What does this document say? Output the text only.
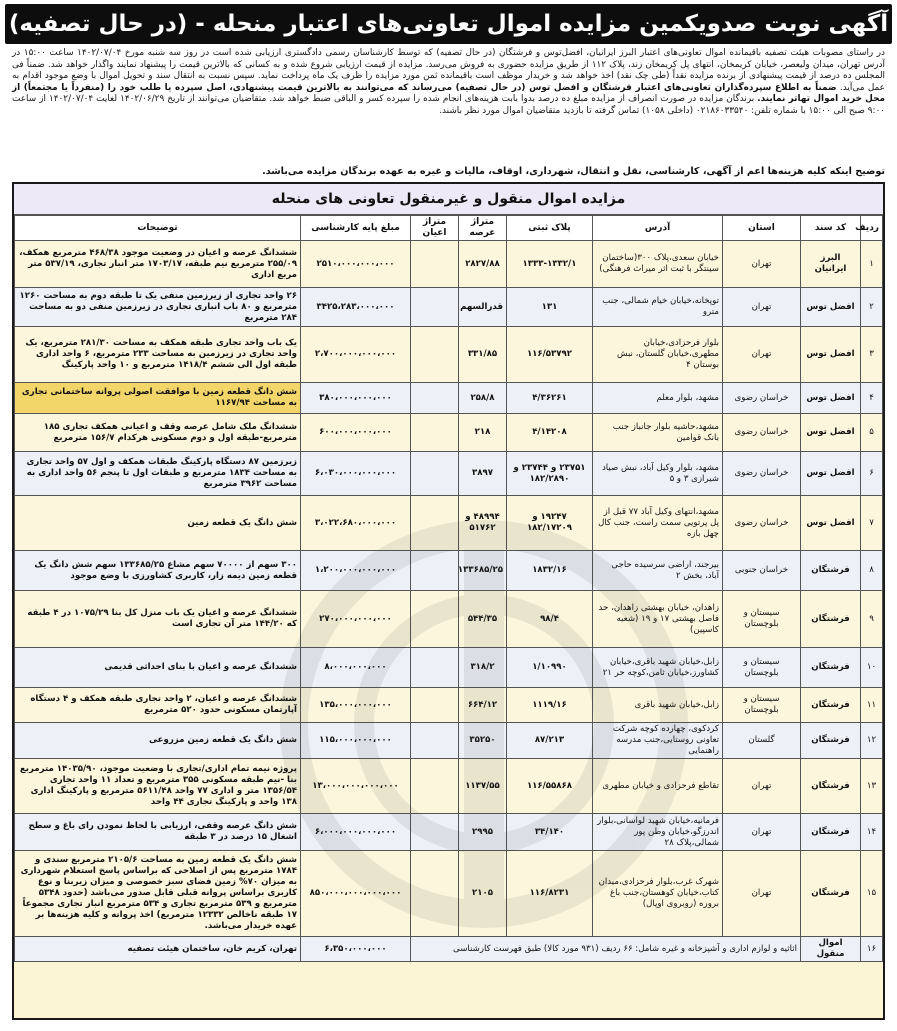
آگهی نوبت صدویکمین مزایده اموال تعاونی‌های اعتبار منحله - (در حال تصفیه)
در راستای مصوبات هیئت تصفیه باقیمانده اموال تعاونی‌های اعتبار البرز ایرانیان، افضل‌توس و فرشتگان (در حال تصفیه) که توسط کارشناسان رسمی دادگستری ارزیابی شده است در روز سه شنبه مورخ ۱۴۰۲/۰۷/۰۴ ساعت ۱۵:۰۰ در آدرس تهران، میدان ولیعصر، خیابان کریمخان، انتهای پل کریمخان زند، پلاک ۱۱۲ از طریق مزایده حضوری به فروش می‌رسد. مزایده از قیمت ارزیابی شروع شده و به کسانی که بالاترین قیمت را پیشنهاد نمایند واگذار خواهد شد. ضمناً فی المجلس ده درصد از قیمت پیشنهادی از برنده مزایده نقداً (طی چک نقد) اخذ خواهد شد و خریدار موظف است باقیمانده ثمن مورد مزایده را ظرف یک ماه پرداخت نماید. سپس نسبت به انتقال سند و تحویل اموال با وضع موجود اقدام به عمل می‌آید. ضمناً به اطلاع سپرده‌گذاران تعاونی‌های اعتبار فرشتگان و افضل توس (در حال تصفیه) می‌رساند که می‌توانند به بالاترین قیمت پیشنهادی، اصل سپرده یا طلب خود را (منفرداً یا مجتمعاً) از محل خرید اموال تهاتر نمایند. برندگان مزایده در صورت انصراف از مزایده مبلغ ده درصد بدوا بابت هزینه‌های انجام شده را سپرده کسر و الباقی ضبط خواهد شد. متقاضیان می‌توانند از تاریخ ۱۴۰۲/۰۶/۲۹ لغایت ۱۴۰۲/۰۷/۰۴ از ساعت ۹:۰۰ صبح الی ۱۵:۰۰ با شماره تلفن: ۰۲۱۸۶۰۳۳۵۴۰ (داخلی ۱۰۵۸) تماس گرفته تا بازدید متقاضیان اموال مورد نظر باشند.
توضیح اینکه کلیه هزینه‌ها اعم از آگهی، کارشناسی، نقل و انتقال، شهرداری، اوقاف، مالیات و غیره به عهده برندگان مزایده می‌باشد.
مزایده اموال منقول و غیرمنقول تعاونی های منحله
ردیف	کد سند	استان	آدرس	پلاک ثبتی	متراژ عرصه	متراژ اعیان	مبلغ پایه کارشناسی	توضیحات
۱	البرز ایرانیان	تهران	خیابان سعدی،پلاک ۳۰۰(ساختمان سینتگر با ثبت اثر میراث فرهنگی)	۱۳۳۳-۱۳۳۲/۱	۲۸۲۷/۸۸		۲۵۱۰،۰۰۰،۰۰۰،۰۰۰	ششدانگ عرصه و اعیان در وضعیت موجود ۴۶۸/۳۸ مترمربع همکف، ۲۵۵/۰۹ مترمربع نیم طبقه، ۱۷۰۳/۱۷ متر انبار تجاری، ۵۳۷/۱۹ متر مربع اداری
۲	افضل توس	تهران	توپخانه،خیابان خیام شمالی، جنب مترو	۱۳۱	قدرالسهم		۳۴۲۵،۲۸۳،۰۰۰،۰۰۰	۲۶ واحد تجاری از زیرزمین منفی یک تا طبقه دوم به مساحت ۱۲۶۰ مترمربع و ۸۰ باب انباری تجاری در زیرزمین منفی دو به مساحت ۲۸۴ مترمربع
۳	افضل توس	تهران	بلوار فرحزادی،خیابان مطهری،خیابان گلستان، نبش بوستان ۴	۱۱۶/۵۳۷۹۲	۳۳۱/۸۵		۲،۷۰۰،۰۰۰،۰۰۰،۰۰۰	یک باب واحد تجاری طبقه همکف به مساحت ۲۸۱/۳۰ مترمربع، یک واحد تجاری در زیرزمین به مساحت ۲۳۳ مترمربع، ۶ واحد اداری طبقه اول الی ششم ۱۴۱۸/۴ مترمربع و ۱۰ واحد پارکینگ
۴	افضل توس	خراسان رضوی	مشهد، بلوار معلم	۴/۳۶۲۶۱	۲۵۸/۸		۳۸۰،۰۰۰،۰۰۰،۰۰۰	شش دانگ قطعه زمین با موافقت اصولی پروانه ساختمانی تجاری به مساحت ۱۱۶۷/۹۴
۵	افضل توس	خراسان رضوی	مشهد،حاشیه بلوار جانباز جنب بانک قوامین	۴/۱۴۲۰۸	۲۱۸		۶۰۰،۰۰۰،۰۰۰،۰۰۰	ششدانگ ملک شامل عرصه وقف و اعیانی همکف تجاری ۱۸۵ مترمربع-طبقه اول و دوم مسکونی هرکدام ۱۵۶/۷ مترمربع
۶	افضل توس	خراسان رضوی	مشهد، بلوار وکیل آباد، نبش صیاد شیرازی ۳ و ۵	۲۳۷۵۱ و ۲۳۷۴۴ و ۱۸۲/۲۸۹۰	۳۸۹۷		۶،۰۳۰،۰۰۰،۰۰۰،۰۰۰	زیرزمین ۸۷ دستگاه پارکینگ طبقات همکف و اول ۵۷ واحد تجاری به مساحت ۱۸۳۴ مترمربع و طبقات اول تا پنجم ۵۶ واحد اداری به مساحت ۳۹۶۲ مترمربع
۷	افضل توس	خراسان رضوی	مشهد،انتهای وکیل آباد ۷۷ قبل از پل پرتویی سمت راست، جنب کال چهل بازه	۱۹۲۴۷ و ۱۸۲/۱۷۲۰۹	۴۸۹۹۴ و ۵۱۷۶۲		۳،۰۲۲،۶۸۰،۰۰۰،۰۰۰	شش دانگ یک قطعه زمین
۸	فرشتگان	خراسان جنوبی	بیرجند، اراضی سرسیده حاجی آباد، بخش ۲	۱۸۳۲/۱۶	۱۳۳۶۸۵/۲۵		۱،۲۰۰،۰۰۰،۰۰۰،۰۰۰	۳۰۰ سهم از ۷۰۰۰۰ سهم مشاع ۱۳۳۶۸۵/۲۵ سهم شش دانگ یک قطعه زمین دیمه زار، کاربری کشاورزی با وضع موجود
۹	فرشتگان	سیستان و بلوچستان	زاهدان، خیابان بهشتی زاهدان، حد فاصل بهشتی ۱۷ و ۱۹ (شعبه کاسپین)	۹۸/۴	۵۴۴/۳۵		۲۷۰،۰۰۰،۰۰۰،۰۰۰	ششدانگ عرصه و اعیان یک باب منزل کل بنا ۱۰۷۵/۲۹ در ۴ طبقه که ۱۴۴/۲۰ متر آن تجاری است
۱۰	فرشتگان	سیستان و بلوچستان	زابل،خیابان شهید باقری،خیابان کشاورز،خیابان ثامن،کوچه حر ۲۱	۱/۱۰۹۹۰	۳۱۸/۲		۸،۰۰۰،۰۰۰،۰۰۰	ششدانگ عرصه و اعیان با بنای احداثی قدیمی
۱۱	فرشتگان	سیستان و بلوچستان	زابل،خیابان شهید باقری	۱۱۱۹/۱۶	۶۶۴/۱۲		۱۳۵،۰۰۰،۰۰۰،۰۰۰	ششدانگ عرصه و اعیان، ۲ واحد تجاری طبقه همکف و ۴ دستگاه آپارتمان مسکونی حدود ۵۲۰ مترمربع
۱۲	فرشتگان	گلستان	کردکوی، چهارده کوچه شرکت تعاونی روستایی،جنب مدرسه راهنمایی	۸۷/۲۱۳	۳۵۲۵۰		۱۱۵،۰۰۰،۰۰۰،۰۰۰	شش دانگ یک قطعه زمین مزروعی
۱۳	فرشتگان	تهران	تقاطع فرحزادی و خیابان مطهری	۱۱۶/۵۵۸۶۸	۱۱۳۷/۵۵		۱۳،۰۰۰،۰۰۰،۰۰۰،۰۰۰	پروژه نیمه تمام اداری/تجاری با وضعیت موجود، ۱۴۰۳۵/۹۰ مترمربع بنا -نیم طبقه مسکونی ۳۵۵ مترمربع و تعداد ۱۱ واحد تجاری ۱۳۵۶/۵۴ متر و اداری ۷۷ واحد ۵۶۱۱/۴۸ مترمربع و پارکینگ اداری ۱۳۸ واحد و پارکینگ تجاری ۴۴ واحد
۱۴	فرشتگان	تهران	فرمانیه،خیابان شهید لواسانی،بلوار اندرزگو،خیابان وطن پور شمالی،پلاک ۲۸	۳۴/۱۴۰	۲۹۹۵		۶،۰۰۰،۰۰۰،۰۰۰،۰۰۰	شش دانگ عرصه وقفی، ارزیابی با لحاظ نمودن رای باغ و سطح اشغال ۱۵ درصد در ۳ طبقه
۱۵	فرشتگان	تهران	شهرک غرب،بلوار فرحزادی،میدان کتاب،خیابان کوهستان،جنب باغ بروره (روبروی اوپال)	۱۱۶/۸۲۳۱	۲۱۰۵		۸۵۰،۰۰۰،۰۰۰،۰۰۰،۰۰۰	شش دانگ یک قطعه زمین به مساحت ۲۱۰۵/۶ مترمربع سندی و ۱۷۸۴ مترمربع پس از اصلاحی که براساس پاسخ استعلام شهرداری به میزان ۷۰% زمین فضای سبز خصوصی و میزان زیربنا و نوع کاربری براساس پروانه قبلی قابل صدور می‌باشد (حدود ۵۳۴۸ مترمربع و ۵۳۹ مترمربع تجاری و ۵۳۴ مترمربع انبار تجاری مجموعاً ۱۷ طبقه ناخالص ۱۲۳۳۲ مترمربع) اخذ پروانه و کلیه هزینه‌ها بر عهده خریدار می‌باشد.
۱۶	اموال منقول	اثاثیه و لوازم اداری و آشپزخانه و غیره شامل: ۶۶ ردیف (۹۳۱ مورد کالا) طبق فهرست کارشناسی					۶،۳۵۰،۰۰۰،۰۰۰	تهران، کریم خان، ساختمان هیئت تصفیه
